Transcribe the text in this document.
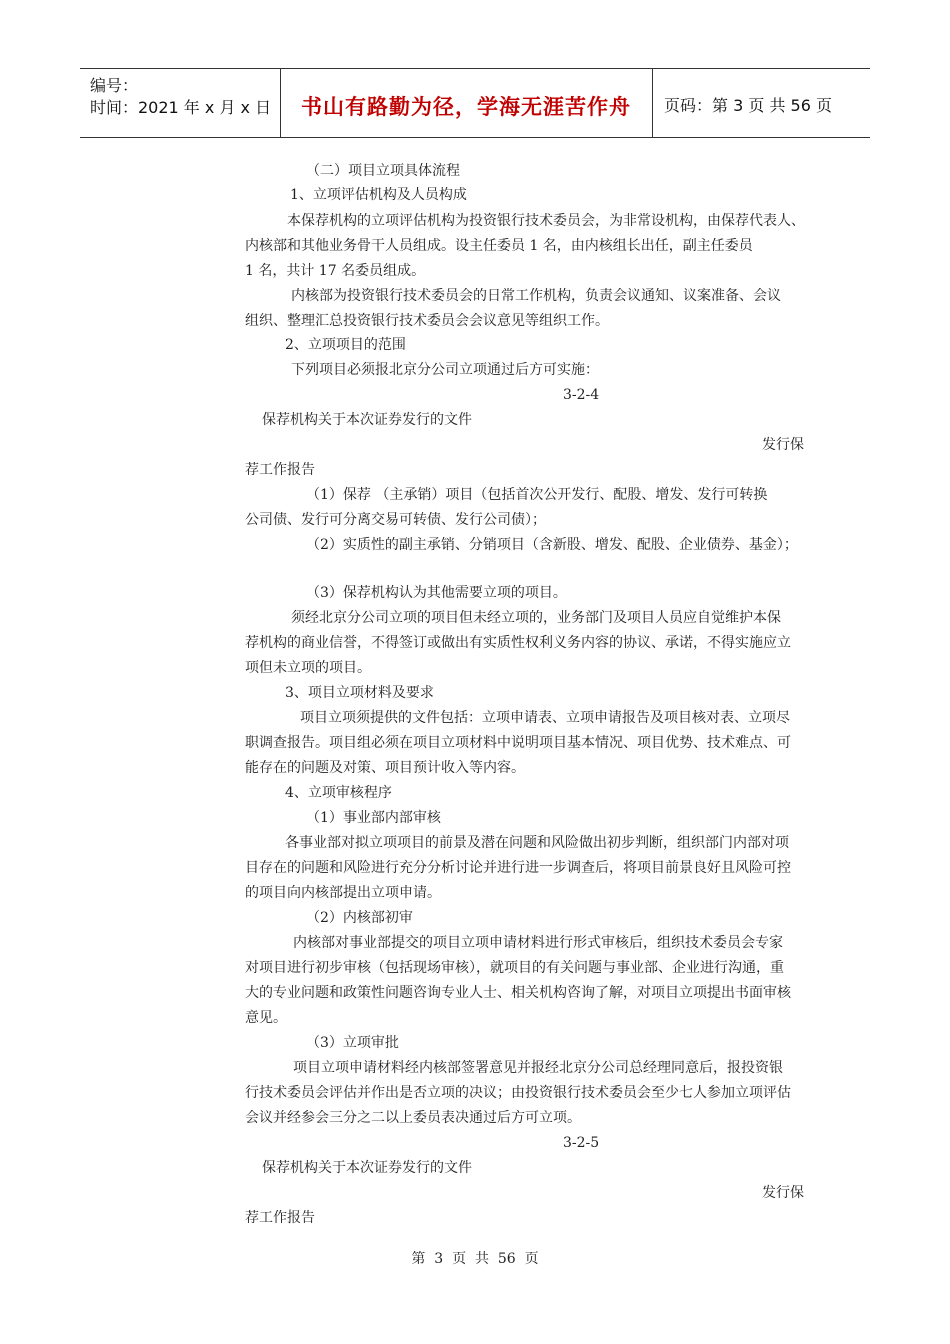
编号：
时间：2021 年 x 月 x 日	书山有路勤为径，学海无涯苦作舟	页码：第 3 页 共 56 页
（二）项目立项具体流程
1、立项评估机构及人员构成
本保荐机构的立项评估机构为投资银行技术委员会，为非常设机构，由保荐代表人、
内核部和其他业务骨干人员组成。设主任委员 1 名，由内核组长出任，副主任委员
1 名，共计 17 名委员组成。
内核部为投资银行技术委员会的日常工作机构，负责会议通知、议案准备、会议
组织、整理汇总投资银行技术委员会会议意见等组织工作。
2、立项项目的范围
下列项目必须报北京分公司立项通过后方可实施：
3-2-4
保荐机构关于本次证券发行的文件
发行保
荐工作报告
（1）保荐 （主承销）项目（包括首次公开发行、配股、增发、发行可转换
公司债、发行可分离交易可转债、发行公司债）；
（2）实质性的副主承销、分销项目（含新股、增发、配股、企业债券、基金）；
（3）保荐机构认为其他需要立项的项目。
须经北京分公司立项的项目但未经立项的，业务部门及项目人员应自觉维护本保
荐机构的商业信誉，不得签订或做出有实质性权利义务内容的协议、承诺，不得实施应立
项但未立项的项目。
3、项目立项材料及要求
项目立项须提供的文件包括：立项申请表、立项申请报告及项目核对表、立项尽
职调查报告。项目组必须在项目立项材料中说明项目基本情况、项目优势、技术难点、可
能存在的问题及对策、项目预计收入等内容。
4、立项审核程序
（1）事业部内部审核
各事业部对拟立项项目的前景及潜在问题和风险做出初步判断，组织部门内部对项
目存在的问题和风险进行充分分析讨论并进行进一步调查后，将项目前景良好且风险可控
的项目向内核部提出立项申请。
（2）内核部初审
内核部对事业部提交的项目立项申请材料进行形式审核后，组织技术委员会专家
对项目进行初步审核（包括现场审核），就项目的有关问题与事业部、企业进行沟通，重
大的专业问题和政策性问题咨询专业人士、相关机构咨询了解，对项目立项提出书面审核
意见。
（3）立项审批
项目立项申请材料经内核部签署意见并报经北京分公司总经理同意后，报投资银
行技术委员会评估并作出是否立项的决议；由投资银行技术委员会至少七人参加立项评估
会议并经参会三分之二以上委员表决通过后方可立项。
3-2-5
保荐机构关于本次证券发行的文件
发行保
荐工作报告
第  3  页  共  56  页
